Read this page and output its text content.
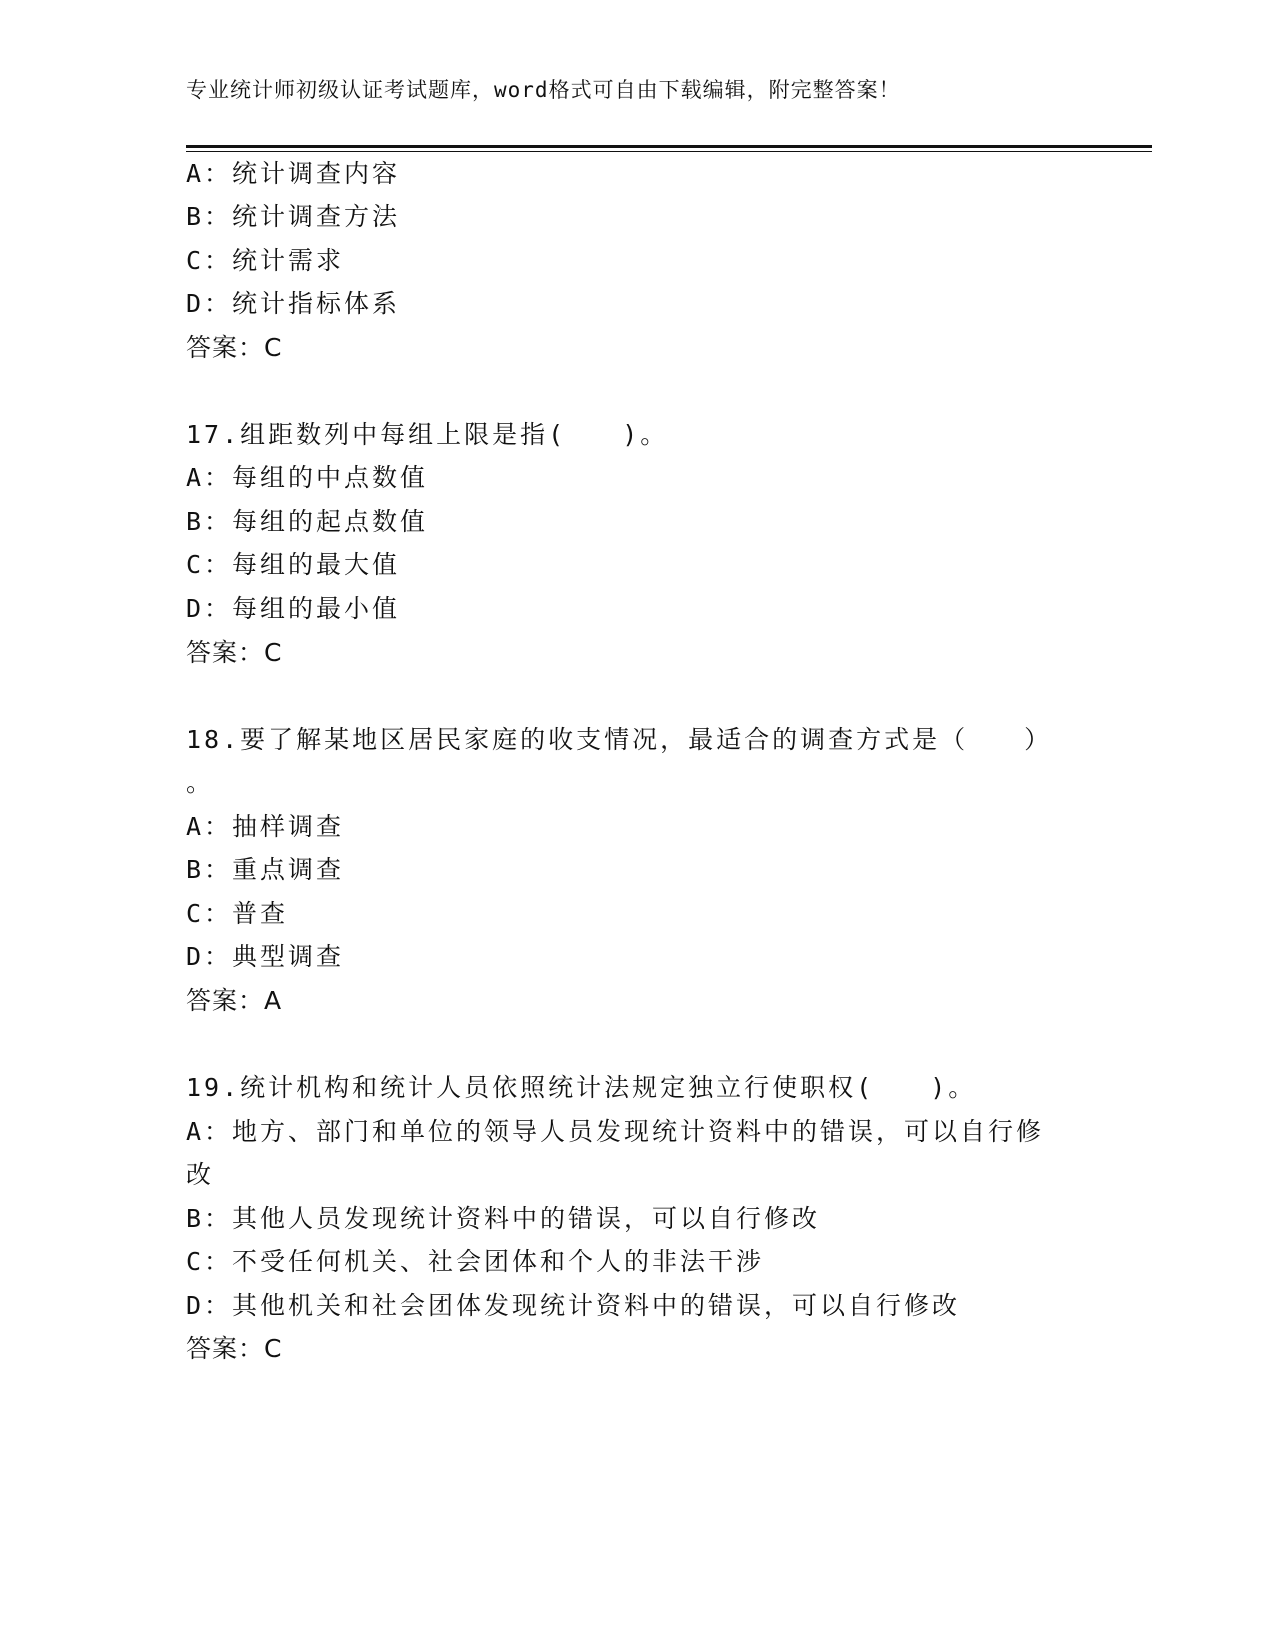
专业统计师初级认证考试题库，word格式可自由下载编辑，附完整答案！
A：统计调查内容
B：统计调查方法
C：统计需求
D：统计指标体系
答案：C
17.组距数列中每组上限是指(　　)。
A：每组的中点数值
B：每组的起点数值
C：每组的最大值
D：每组的最小值
答案：C
18.要了解某地区居民家庭的收支情况，最适合的调查方式是（　　）
。
A：抽样调查
B：重点调查
C：普查
D：典型调查
答案：A
19.统计机构和统计人员依照统计法规定独立行使职权(　　)。
A：地方、部门和单位的领导人员发现统计资料中的错误，可以自行修
改
B：其他人员发现统计资料中的错误，可以自行修改
C：不受任何机关、社会团体和个人的非法干涉
D：其他机关和社会团体发现统计资料中的错误，可以自行修改
答案：C
